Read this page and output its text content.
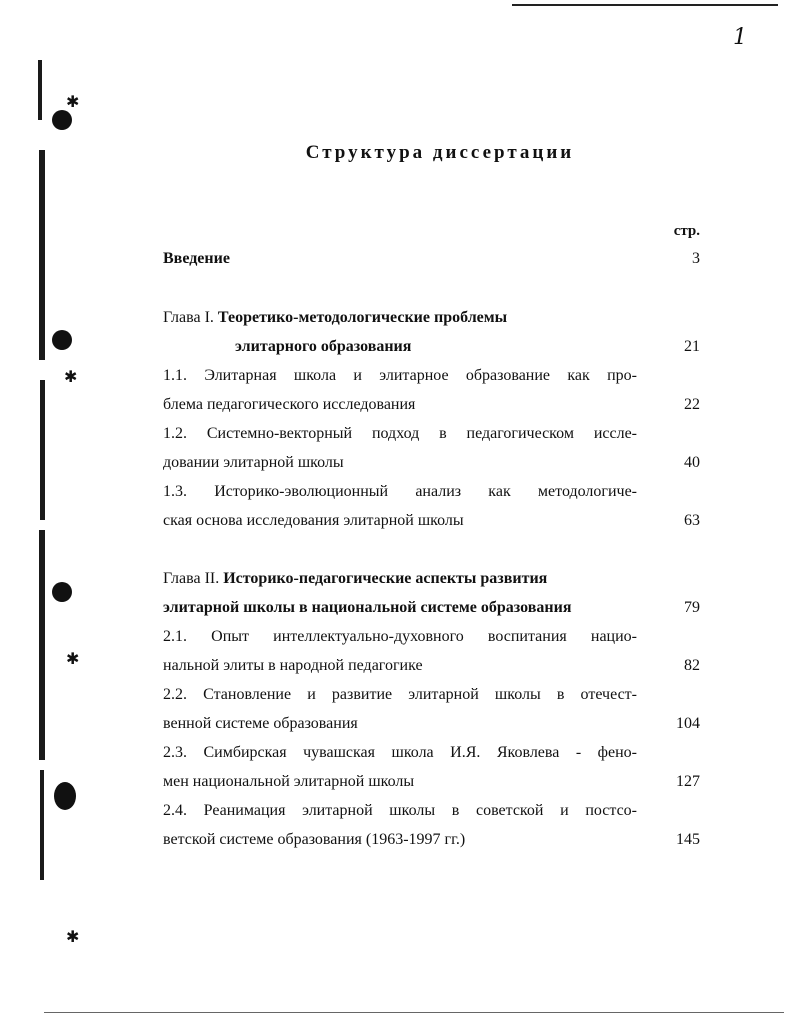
1
✱
✱
✱
✱
Структура диссертации
стр.
Введение	3
Глава I. Теоретико-методологические проблемы
элитарного образования	21
1.1. Элитарная школа и элитарное образование как про-
блема педагогического исследования	22
1.2. Системно-векторный подход в педагогическом иссле-
довании элитарной школы	40
1.3. Историко-эволюционный анализ как методологиче-
ская основа исследования элитарной школы	63
Глава II. Историко-педагогические аспекты развития
элитарной школы в национальной системе образования	79
2.1. Опыт интеллектуально-духовного воспитания нацио-
нальной элиты в народной педагогике	82
2.2. Становление и развитие элитарной школы в отечест-
венной системе образования	104
2.3. Симбирская чувашская школа И.Я. Яковлева - фено-
мен национальной элитарной школы	127
2.4. Реанимация элитарной школы в советской и постсо-
ветской системе образования (1963-1997 гг.)	145
